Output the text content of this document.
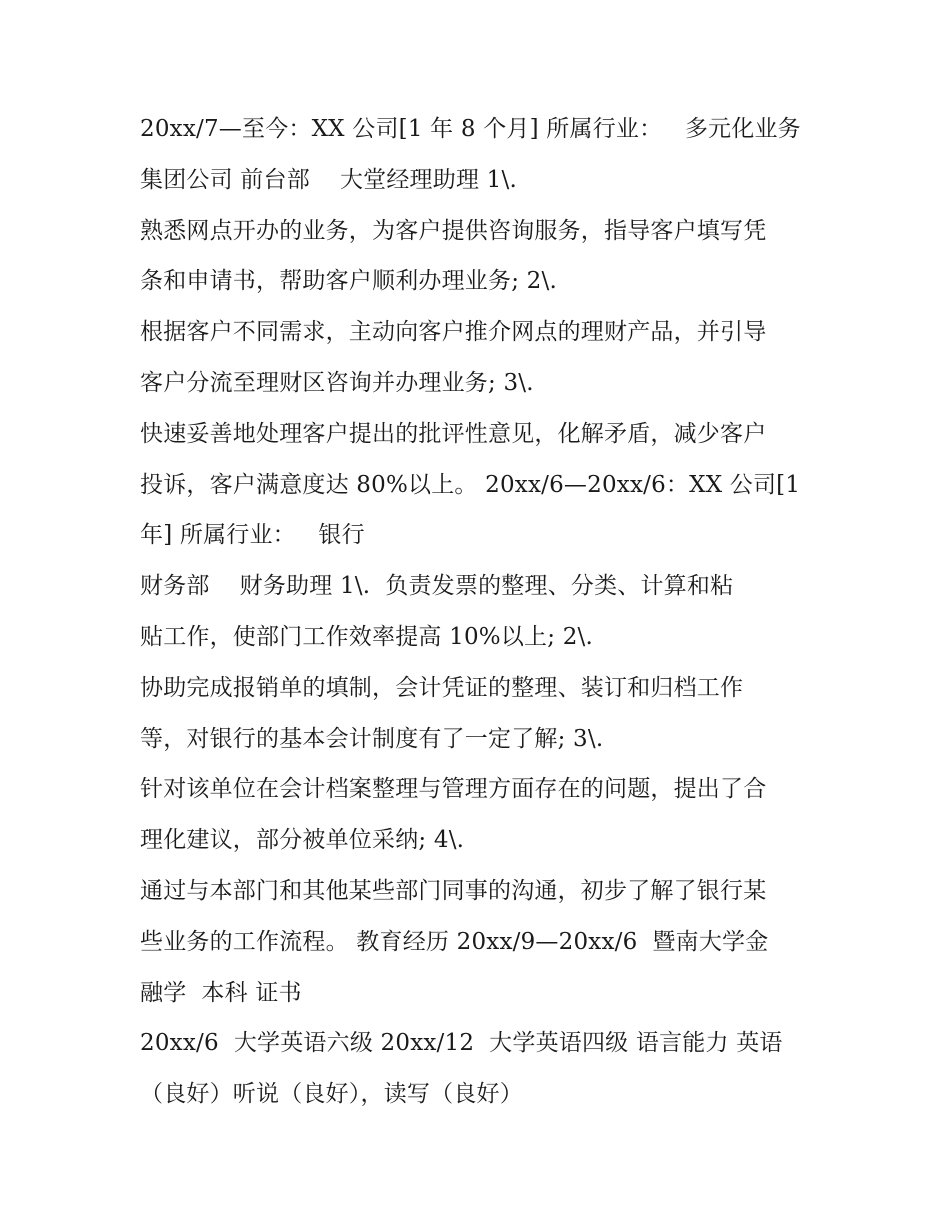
20xx/7—至今：XX 公司[1 年 8 个月] 所属行业：   多元化业务
集团公司 前台部    大堂经理助理 1\.
熟悉网点开办的业务，为客户提供咨询服务，指导客户填写凭
条和申请书，帮助客户顺利办理业务; 2\.
根据客户不同需求，主动向客户推介网点的理财产品，并引导
客户分流至理财区咨询并办理业务; 3\.
快速妥善地处理客户提出的批评性意见，化解矛盾，减少客户
投诉，客户满意度达 80%以上。 20xx/6—20xx/6：XX 公司[1
年] 所属行业：   银行
财务部    财务助理 1\.  负责发票的整理、分类、计算和粘
贴工作，使部门工作效率提高 10%以上; 2\.
协助完成报销单的填制，会计凭证的整理、装订和归档工作
等，对银行的基本会计制度有了一定了解; 3\.
针对该单位在会计档案整理与管理方面存在的问题，提出了合
理化建议，部分被单位采纳; 4\.
通过与本部门和其他某些部门同事的沟通，初步了解了银行某
些业务的工作流程。 教育经历 20xx/9—20xx/6  暨南大学金
融学  本科 证书
20xx/6  大学英语六级 20xx/12  大学英语四级 语言能力 英语
（良好）听说（良好），读写（良好）
